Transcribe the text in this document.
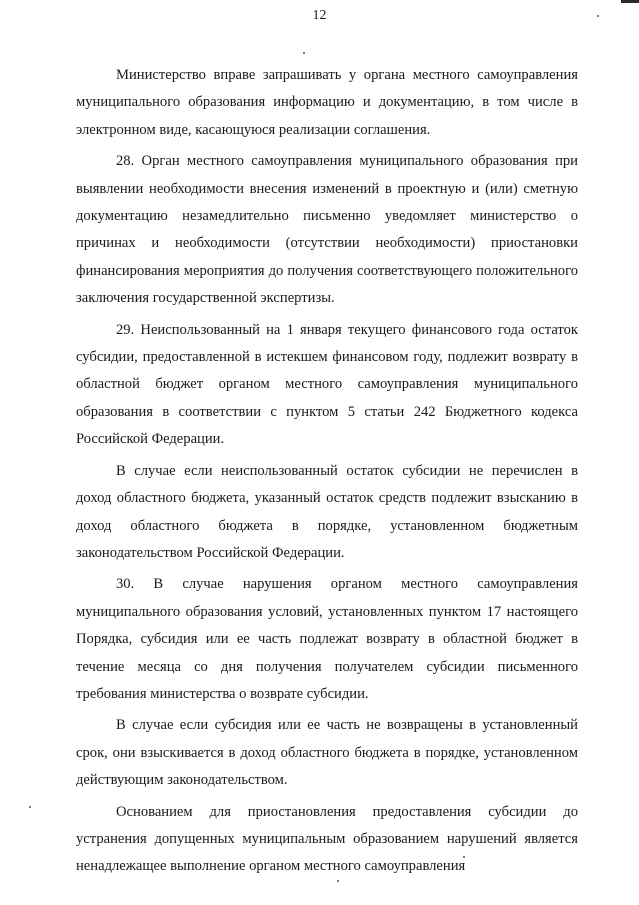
12

Министерство вправе запрашивать у органа местного самоуправления муниципального образования информацию и документацию, в том числе в электронном виде, касающуюся реализации соглашения.

28. Орган местного самоуправления муниципального образования при выявлении необходимости внесения изменений в проектную и (или) сметную документацию незамедлительно письменно уведомляет министерство о причинах и необходимости (отсутствии необходимости) приостановки финансирования мероприятия до получения соответствующего положительного заключения государственной экспертизы.

29. Неиспользованный на 1 января текущего финансового года остаток субсидии, предоставленной в истекшем финансовом году, подлежит возврату в областной бюджет органом местного самоуправления муниципального образования в соответствии с пунктом 5 статьи 242 Бюджетного кодекса Российской Федерации.

В случае если неиспользованный остаток субсидии не перечислен в доход областного бюджета, указанный остаток средств подлежит взысканию в доход областного бюджета в порядке, установленном бюджетным законодательством Российской Федерации.

30. В случае нарушения органом местного самоуправления муниципального образования условий, установленных пунктом 17 настоящего Порядка, субсидия или ее часть подлежат возврату в областной бюджет в течение месяца со дня получения получателем субсидии письменного требования министерства о возврате субсидии.

В случае если субсидия или ее часть не возвращены в установленный срок, они взыскивается в доход областного бюджета в порядке, установленном действующим законодательством.

Основанием для приостановления предоставления субсидии до устранения допущенных муниципальным образованием нарушений является ненадлежащее выполнение органом местного самоуправления
